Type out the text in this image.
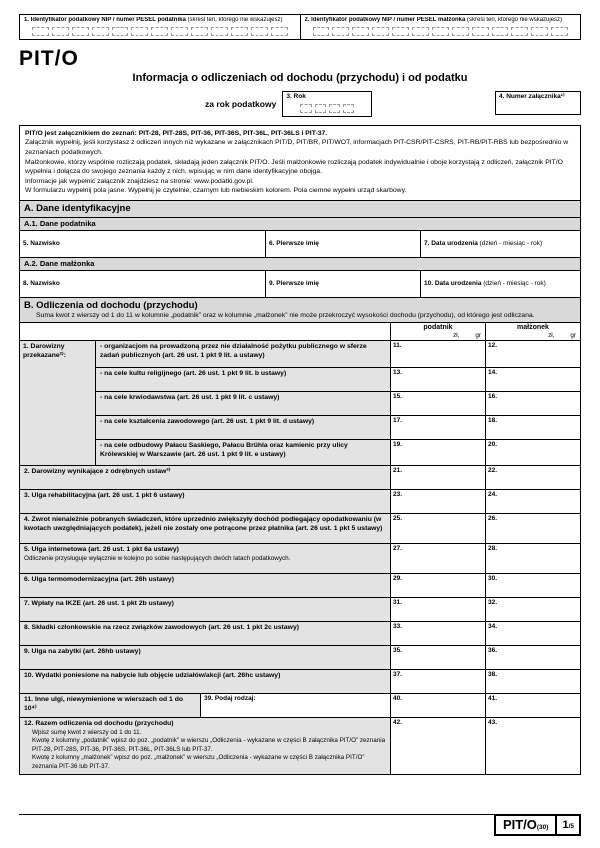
1. Identyfikator podatkowy NIP / numer PESEL podatnika (skreśl ten, którego nie wskazujesz)	2. Identyfikator podatkowy NIP / numer PESEL małżonka (skreśl ten, którego nie wskazujesz)
PIT/O
Informacja o odliczeniach od dochodu (przychodu) i od podatku
za rok podatkowy
3. Rok	4. Numer załącznika¹⁾
PIT/O jest załącznikiem do zeznań: PIT-28, PIT-28S, PIT-36, PIT-36S, PIT-36L, PIT-36LS i PIT-37.
Załącznik wypełnij, jeśli korzystasz z odliczeń innych niż wykazane w załącznikach PIT/D, PIT/BR, PIT/WOT, informacjach PIT-CSR/PIT-CSRS, PIT-RB/PIT-RBS lub bezpośrednio w zeznaniach podatkowych.
Małżonkowie, którzy wspólnie rozliczają podatek, składają jeden załącznik PIT/O. Jeśli małżonkowie rozliczają podatek indywidualnie i oboje korzystają z odliczeń, załącznik PIT/O wypełnia i dołącza do swojego zeznania każdy z nich, wpisując w nim dane identyfikacyjne obojga.
Informacje jak wypełnić załącznik znajdziesz na stronie: www.podatki.gov.pl.
W formularzu wypełnij pola jasne. Wypełnij je czytelnie, czarnym lub niebieskim kolorem. Pola ciemne wypełni urząd skarbowy.
A. Dane identyfikacyjne
A.1. Dane podatnika
5. Nazwisko	6. Pierwsze imię	7. Data urodzenia (dzień - miesiąc - rok)
A.2. Dane małżonka
8. Nazwisko	9. Pierwsze imię	10. Data urodzenia (dzień - miesiąc - rok)
B. Odliczenia od dochodu (przychodu)
Suma kwot z wierszy od 1 do 11 w kolumnie „podatnik” oraz w kolumnie „małżonek” nie może przekroczyć wysokości dochodu (przychodu), od którego jest odliczana.
podatnik
zł,	gr
małżonek
zł,	gr
1. Darowizny przekazane²⁾:
- organizacjom na prowadzoną przez nie działalność pożytku publicznego w sferze zadań publicznych (art. 26 ust. 1 pkt 9 lit. a ustawy)
11.	12.
- na cele kultu religijnego (art. 26 ust. 1 pkt 9 lit. b ustawy)	13.	14.
- na cele krwiodawstwa (art. 26 ust. 1 pkt 9 lit. c ustawy)	15.	16.
- na cele kształcenia zawodowego (art. 26 ust. 1 pkt 9 lit. d ustawy)	17.	18.
- na cele odbudowy Pałacu Saskiego, Pałacu Brühla oraz kamienic przy ulicy Królewskiej w Warszawie (art. 26 ust. 1 pkt 9 lit. e ustawy)
19.	20.
2. Darowizny wynikające z odrębnych ustaw³⁾	21.	22.
3. Ulga rehabilitacyjna (art. 26 ust. 1 pkt 6 ustawy)	23.	24.
4. Zwrot nienależnie pobranych świadczeń, które uprzednio zwiększyły dochód podlegający opodatkowaniu (w kwotach uwzględniających podatek), jeżeli nie zostały one potrącone przez płatnika (art. 26 ust. 1 pkt 5 ustawy)
25.	26.
5. Ulga internetowa (art. 26 ust. 1 pkt 6a ustawy)
Odliczenie przysługuje wyłącznie w kolejno po sobie następujących dwóch latach podatkowych.
27.	28.
6. Ulga termomodernizacyjna (art. 26h ustawy)	29.	30.
7. Wpłaty na IKZE (art. 26 ust. 1 pkt 2b ustawy)	31.	32.
8. Składki członkowskie na rzecz związków zawodowych (art. 26 ust. 1 pkt 2c ustawy)	33.	34.
9. Ulga na zabytki (art. 26hb ustawy)	35.	36.
10. Wydatki poniesione na nabycie lub objęcie udziałów/akcji (art. 26hc ustawy)	37.	38.
11. Inne ulgi, niewymienione w wierszach od 1 do 10⁴⁾
39. Podaj rodzaj:	40.	41.
12. Razem odliczenia od dochodu (przychodu)
Wpisz sumę kwot z wierszy od 1 do 11.
Kwotę z kolumny „podatnik” wpisz do poz. „podatnik” w wierszu „Odliczenia - wykazane w części B załącznika PIT/O” zeznania PIT-28, PIT-28S, PIT-36, PIT-36S, PIT-36L, PIT-36LS lub PIT-37.
Kwotę z kolumny „małżonek” wpisz do poz. „małżonek” w wierszu „Odliczenia - wykazane w części B załącznika PIT/O” zeznania PIT-36 lub PIT-37.
42.	43.
PIT/O(30)	1 /5
